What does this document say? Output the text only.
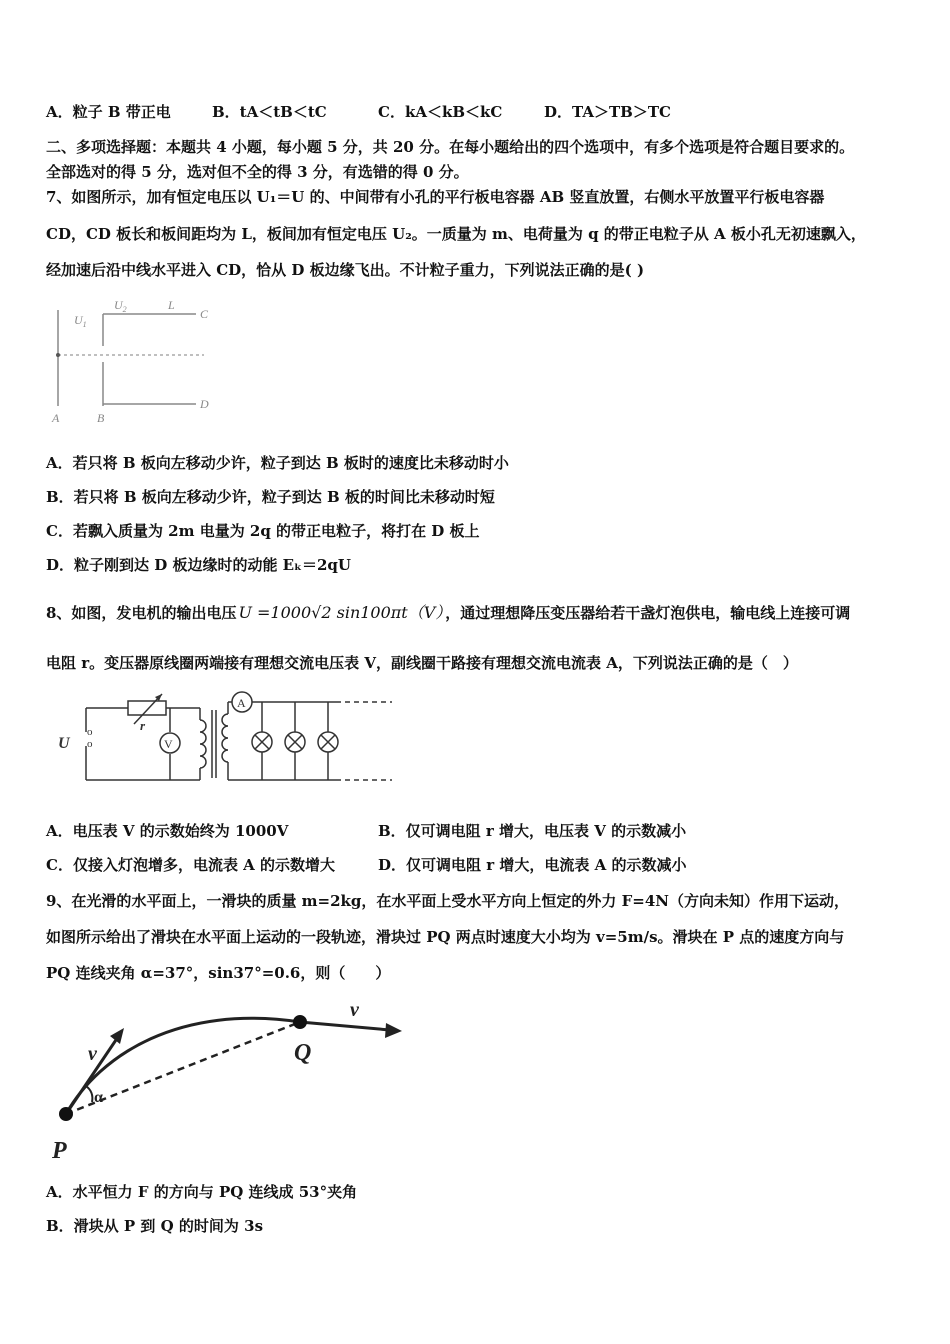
A．粒子 B 带正电	B．tA＜tB＜tC	C．kA＜kB＜kC	D．TA＞TB＞TC
二、多项选择题：本题共 4 小题，每小题 5 分，共 20 分。在每小题给出的四个选项中，有多个选项是符合题目要求的。
全部选对的得 5 分，选对但不全的得 3 分，有选错的得 0 分。
7、如图所示，加有恒定电压以 U₁＝U 的、中间带有小孔的平行板电容器 AB 竖直放置，右侧水平放置平行板电容器
CD，CD 板长和板间距均为 L，板间加有恒定电压 U₂。一质量为 m、电荷量为 q 的带正电粒子从 A 板小孔无初速飘入，
经加速后沿中线水平进入 CD，恰从 D 板边缘飞出。不计粒子重力，下列说法正确的是( )
$U_1$
$U_2$	L
C
D
A	B
A．若只将 B 板向左移动少许，粒子到达 B 板时的速度比未移动时小
B．若只将 B 板向左移动少许，粒子到达 B 板的时间比未移动时短
C．若飘入质量为 2m 电量为 2q 的带正电粒子，将打在 D 板上
D．粒子刚到达 D 板边缘时的动能 Eₖ＝2qU
8、如图，发电机的输出电压 U =1000√2 sin100πt（V） ，通过理想降压变压器给若干盏灯泡供电，输电线上连接可调
电阻 r。变压器原线圈两端接有理想交流电压表 V，副线圈干路接有理想交流电流表 A，下列说法正确的是（　）
o
o
U
r
V
A
A．电压表 V 的示数始终为 1000V	B．仅可调电阻 r 增大，电压表 V 的示数减小
C．仅接入灯泡增多，电流表 A 的示数增大	D．仅可调电阻 r 增大，电流表 A 的示数减小
9、在光滑的水平面上，一滑块的质量 m=2kg，在水平面上受水平方向上恒定的外力 F=4N（方向未知）作用下运动，
如图所示给出了滑块在水平面上运动的一段轨迹，滑块过 PQ 两点时速度大小均为 v=5m/s。滑块在 P 点的速度方向与
PQ 连线夹角 α=37°，sin37°=0.6，则（　　）
v
v
α
P
Q
A．水平恒力 F 的方向与 PQ 连线成 53°夹角
B．滑块从 P 到 Q 的时间为 3s
